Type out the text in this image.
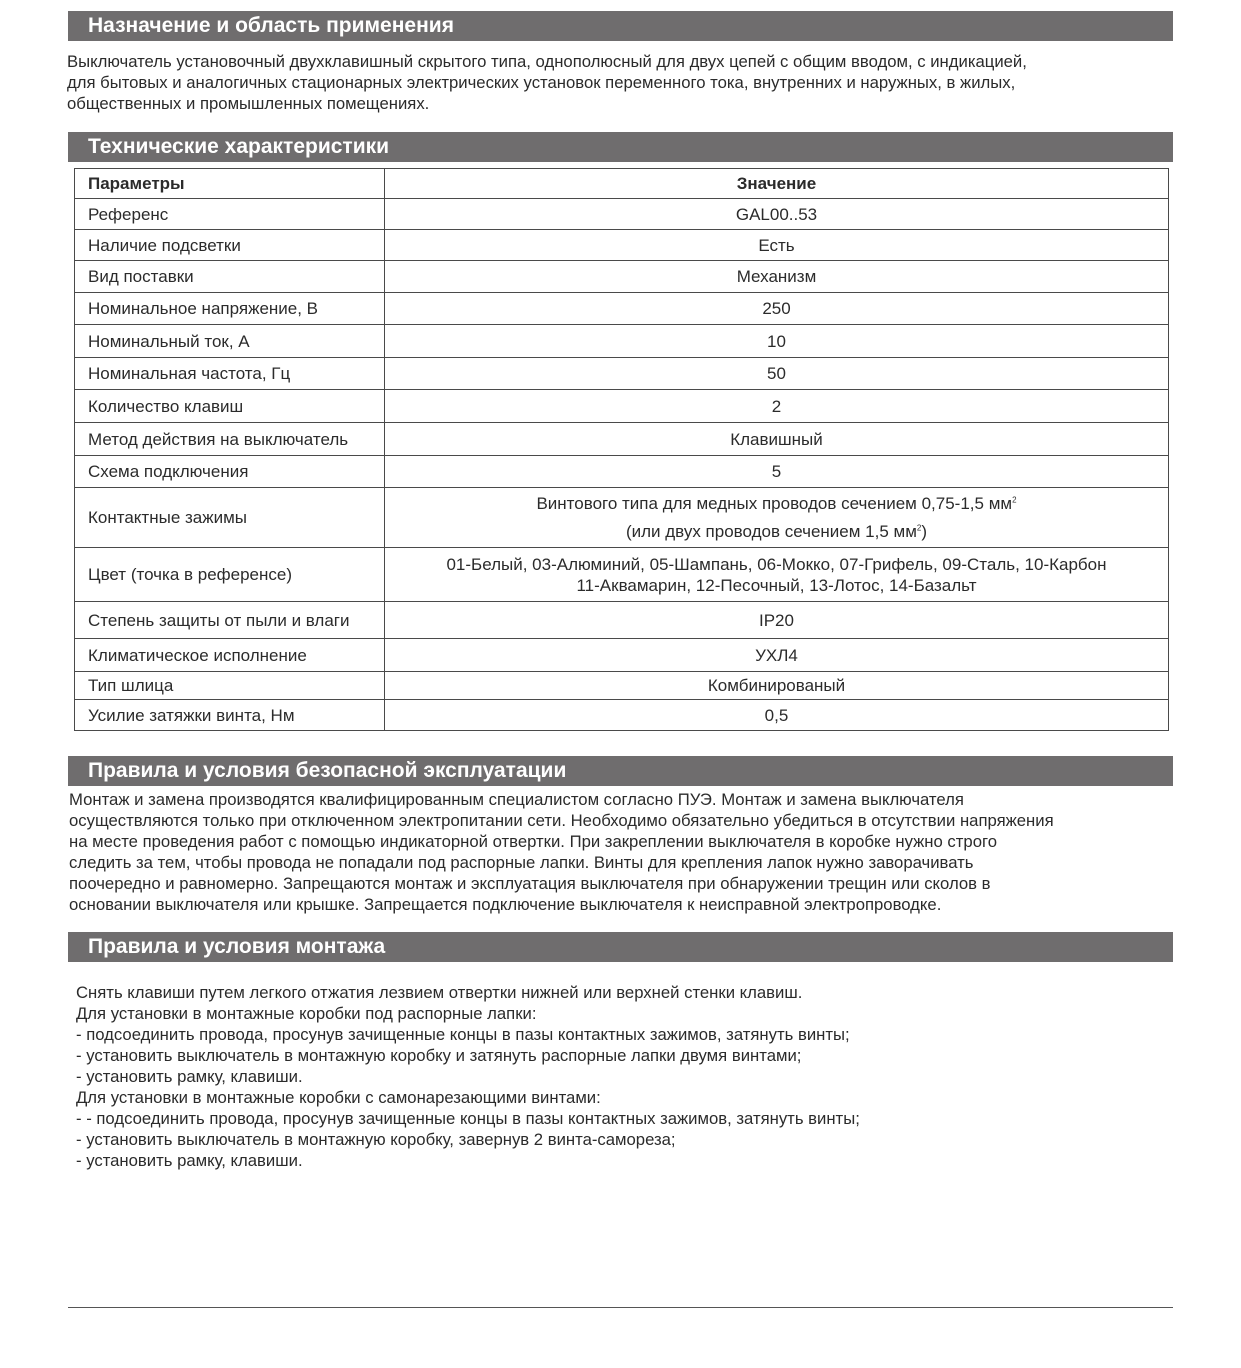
Назначение и область применения
Выключатель установочный двухклавишный скрытого типа, однополюсный для двух цепей с общим вводом, с индикацией,
для бытовых и аналогичных стационарных электрических установок переменного тока, внутренних и наружных, в жилых,
общественных и промышленных помещениях.
Технические характеристики
Параметры	Значение
Референс	GAL00..53
Наличие подсветки	Есть
Вид поставки	Механизм
Номинальное напряжение, В	250
Номинальный ток, А	10
Номинальная частота, Гц	50
Количество клавиш	2
Метод действия на выключатель	Клавишный
Схема подключения	5
Контактные зажимы	Винтового типа для медных проводов сечением 0,75-1,5 $мм^2$
(или двух проводов сечением 1,5 $мм^2$)

Цвет (точка в референсе)	01-Белый, 03-Алюминий, 05-Шампань, 06-Мокко, 07-Грифель, 09-Сталь, 10-Карбон
11-Аквамарин, 12-Песочный, 13-Лотос, 14-Базальт

Степень защиты от пыли и влаги	IP20
Климатическое исполнение	УХЛ4
Тип шлица	Комбинированый
Усилие затяжки винта, Нм	0,5
Правила и условия безопасной эксплуатации
Монтаж и замена производятся квалифицированным специалистом согласно ПУЭ. Монтаж и замена выключателя
осуществляются только при отключенном электропитании сети. Необходимо обязательно убедиться в отсутствии напряжения
на месте проведения работ с помощью индикаторной отвертки. При закреплении выключателя в коробке нужно строго
следить за тем, чтобы провода не попадали под распорные лапки. Винты для крепления лапок нужно заворачивать
поочередно и равномерно. Запрещаются монтаж и эксплуатация выключателя при обнаружении трещин или сколов в
основании выключателя или крышке. Запрещается подключение выключателя к неисправной электропроводке.
Правила и условия монтажа
Снять клавиши путем легкого отжатия лезвием отвертки нижней или верхней стенки клавиш.
Для установки в монтажные коробки под распорные лапки:
- подсоединить провода, просунув зачищенные концы в пазы контактных зажимов, затянуть винты;
- установить выключатель в монтажную коробку и затянуть распорные лапки двумя винтами;
- установить рамку, клавиши.
Для установки в монтажные коробки с самонарезающими винтами:
- - подсоединить провода, просунув зачищенные концы в пазы контактных зажимов, затянуть винты;
- установить выключатель в монтажную коробку, завернув 2 винта-самореза;
- установить рамку, клавиши.
